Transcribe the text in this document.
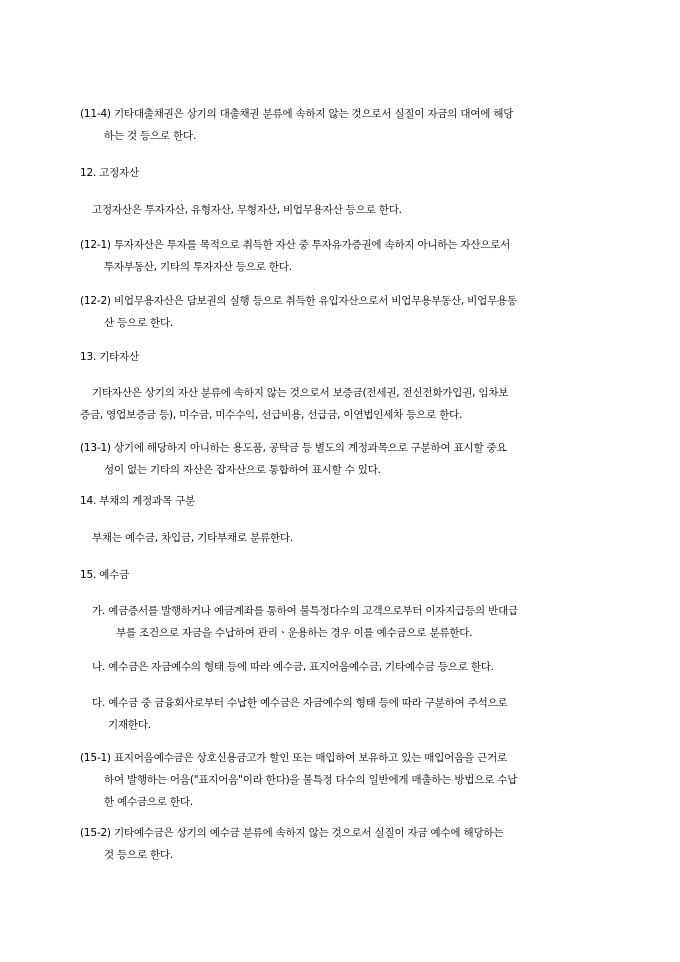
(11-4) 기타대출채권은 상기의 대출채권 분류에 속하지 않는 것으로서 실질이 자금의 대여에 해당
하는 것 등으로 한다.
12. 고정자산
고정자산은 투자자산, 유형자산, 무형자산, 비업무용자산 등으로 한다.
(12-1) 투자자산은 투자를 목적으로 취득한 자산 중 투자유가증권에 속하지 아니하는 자산으로서
투자부동산, 기타의 투자자산 등으로 한다.
(12-2) 비업무용자산은 담보권의 실행 등으로 취득한 유입자산으로서 비업무용부동산, 비업무용동
산 등으로 한다.
13. 기타자산
기타자산은 상기의 자산 분류에 속하지 않는 것으로서 보증금(전세권, 전신전화가입권, 임차보
증금, 영업보증금 등), 미수금, 미수수익, 선급비용, 선급금, 이연법인세차 등으로 한다.
(13-1) 상기에 해당하지 아니하는 용도품, 공탁금 등 별도의 계정과목으로 구분하여 표시할 중요
성이 없는 기타의 자산은 잡자산으로 통합하여 표시할 수 있다.
14. 부채의 계정과목 구분
부채는 예수금, 차입금, 기타부채로 분류한다.
15. 예수금
가. 예금증서를 발행하거나 예금계좌를 통하여 불특정다수의 고객으로부터 이자지급등의 반대급
부를 조건으로 자금을 수납하여 관리ㆍ운용하는 경우 이를 예수금으로 분류한다.
나. 예수금은 자금예수의 형태 등에 따라 예수금, 표지어음예수금, 기타예수금 등으로 한다.
다. 예수금 중 금융회사로부터 수납한 예수금은 자금예수의 형태 등에 따라 구분하여 주석으로
기재한다.
(15-1) 표지어음예수금은 상호신용금고가 할인 또는 매입하여 보유하고 있는 매입어음을 근거로
하여 발행하는 어음("표지어음"이라 한다)을 불특정 다수의 일반에게 매출하는 방법으로 수납
한 예수금으로 한다.
(15-2) 기타예수금은 상기의 예수금 분류에 속하지 않는 것으로서 실질이 자금 예수에 해당하는
것 등으로 한다.
